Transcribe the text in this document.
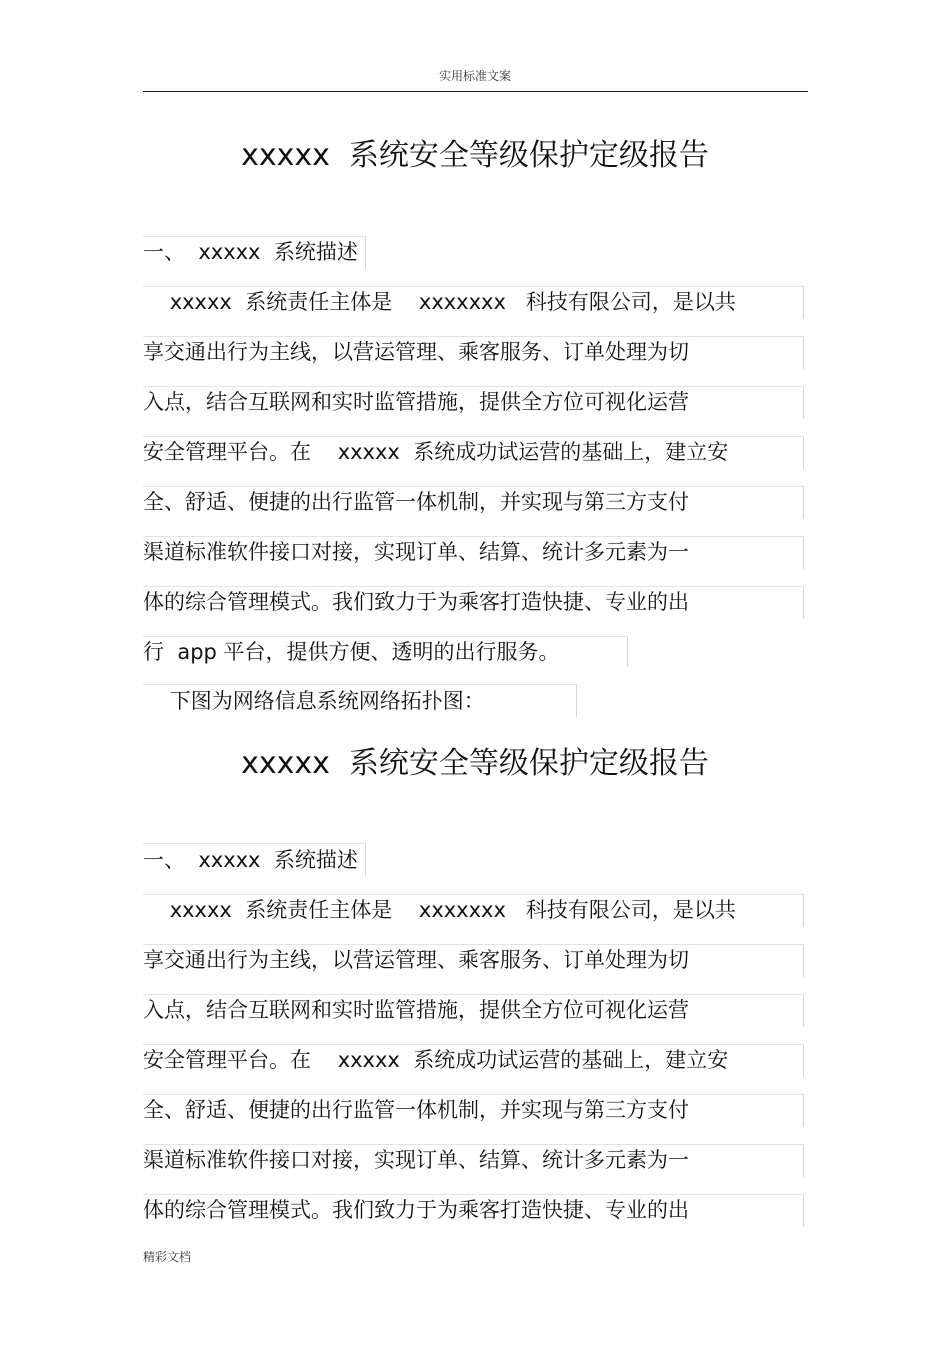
实用标准文案
xxxxx  系统安全等级保护定级报告
一、  xxxxx  系统描述
xxxxx  系统责任主体是    xxxxxxx   科技有限公司，是以共
享交通出行为主线，以营运管理、乘客服务、订单处理为切
入点，结合互联网和实时监管措施，提供全方位可视化运营
安全管理平台。在    xxxxx  系统成功试运营的基础上，建立安
全、舒适、便捷的出行监管一体机制，并实现与第三方支付
渠道标准软件接口对接，实现订单、结算、统计多元素为一
体的综合管理模式。我们致力于为乘客打造快捷、专业的出
行  app 平台，提供方便、透明的出行服务。
下图为网络信息系统网络拓扑图：
xxxxx  系统安全等级保护定级报告
一、  xxxxx  系统描述
xxxxx  系统责任主体是    xxxxxxx   科技有限公司，是以共
享交通出行为主线，以营运管理、乘客服务、订单处理为切
入点，结合互联网和实时监管措施，提供全方位可视化运营
安全管理平台。在    xxxxx  系统成功试运营的基础上，建立安
全、舒适、便捷的出行监管一体机制，并实现与第三方支付
渠道标准软件接口对接，实现订单、结算、统计多元素为一
体的综合管理模式。我们致力于为乘客打造快捷、专业的出
精彩文档
